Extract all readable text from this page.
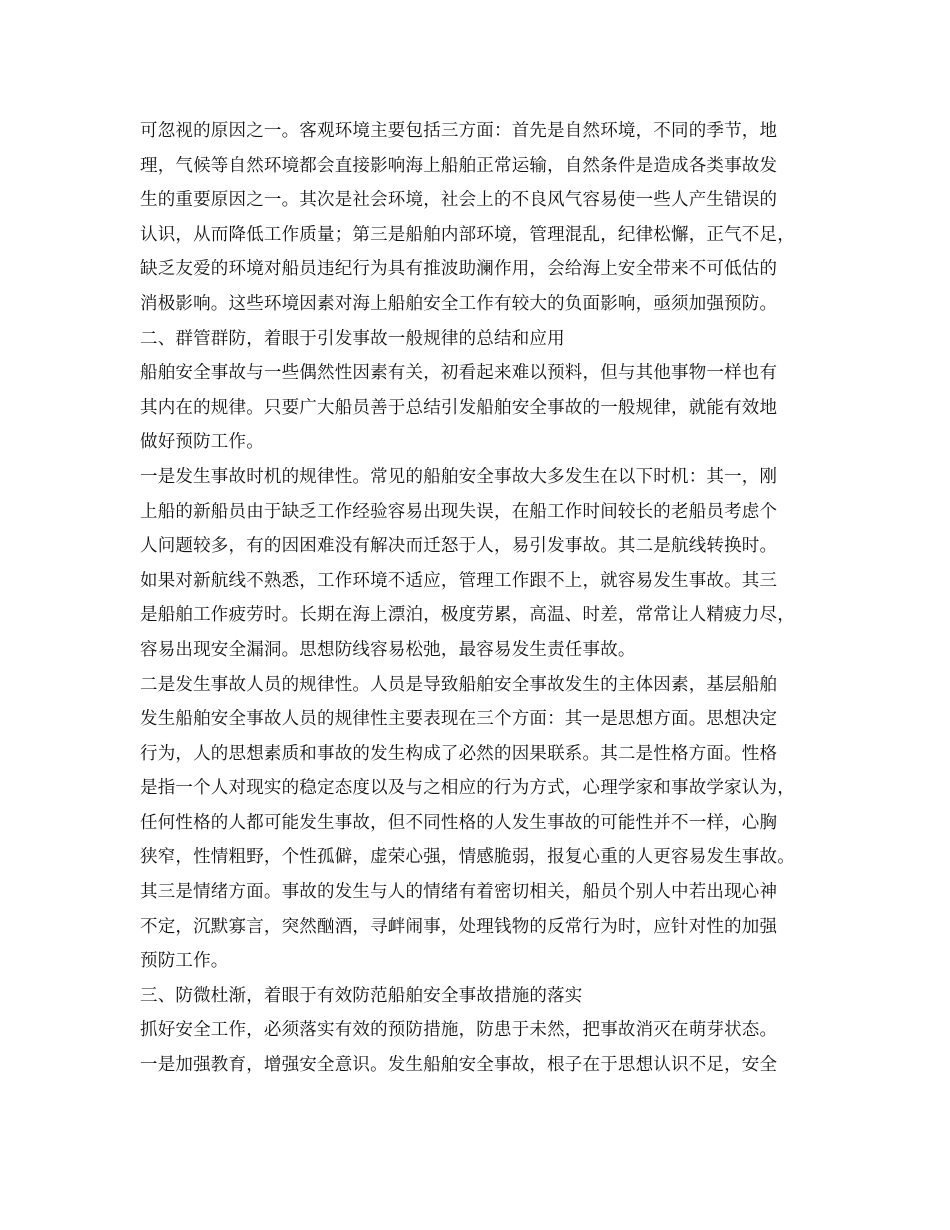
可忽视的原因之一。客观环境主要包括三方面：首先是自然环境，不同的季节，地
理，气候等自然环境都会直接影响海上船舶正常运输，自然条件是造成各类事故发
生的重要原因之一。其次是社会环境，社会上的不良风气容易使一些人产生错误的
认识，从而降低工作质量；第三是船舶内部环境，管理混乱，纪律松懈，正气不足，
缺乏友爱的环境对船员违纪行为具有推波助澜作用，会给海上安全带来不可低估的
消极影响。这些环境因素对海上船舶安全工作有较大的负面影响，亟须加强预防。
二、群管群防，着眼于引发事故一般规律的总结和应用
船舶安全事故与一些偶然性因素有关，初看起来难以预料，但与其他事物一样也有
其内在的规律。只要广大船员善于总结引发船舶安全事故的一般规律，就能有效地
做好预防工作。
一是发生事故时机的规律性。常见的船舶安全事故大多发生在以下时机：其一，刚
上船的新船员由于缺乏工作经验容易出现失误，在船工作时间较长的老船员考虑个
人问题较多，有的因困难没有解决而迁怒于人，易引发事故。其二是航线转换时。
如果对新航线不熟悉，工作环境不适应，管理工作跟不上，就容易发生事故。其三
是船舶工作疲劳时。长期在海上漂泊，极度劳累，高温、时差，常常让人精疲力尽，
容易出现安全漏洞。思想防线容易松弛，最容易发生责任事故。
二是发生事故人员的规律性。人员是导致船舶安全事故发生的主体因素，基层船舶
发生船舶安全事故人员的规律性主要表现在三个方面：其一是思想方面。思想决定
行为，人的思想素质和事故的发生构成了必然的因果联系。其二是性格方面。性格
是指一个人对现实的稳定态度以及与之相应的行为方式，心理学家和事故学家认为，
任何性格的人都可能发生事故，但不同性格的人发生事故的可能性并不一样，心胸
狭窄，性情粗野，个性孤僻，虚荣心强，情感脆弱，报复心重的人更容易发生事故。
其三是情绪方面。事故的发生与人的情绪有着密切相关，船员个别人中若出现心神
不定，沉默寡言，突然酗酒，寻衅闹事，处理钱物的反常行为时，应针对性的加强
预防工作。
三、防微杜渐，着眼于有效防范船舶安全事故措施的落实
抓好安全工作，必须落实有效的预防措施，防患于未然，把事故消灭在萌芽状态。
一是加强教育，增强安全意识。发生船舶安全事故，根子在于思想认识不足，安全
